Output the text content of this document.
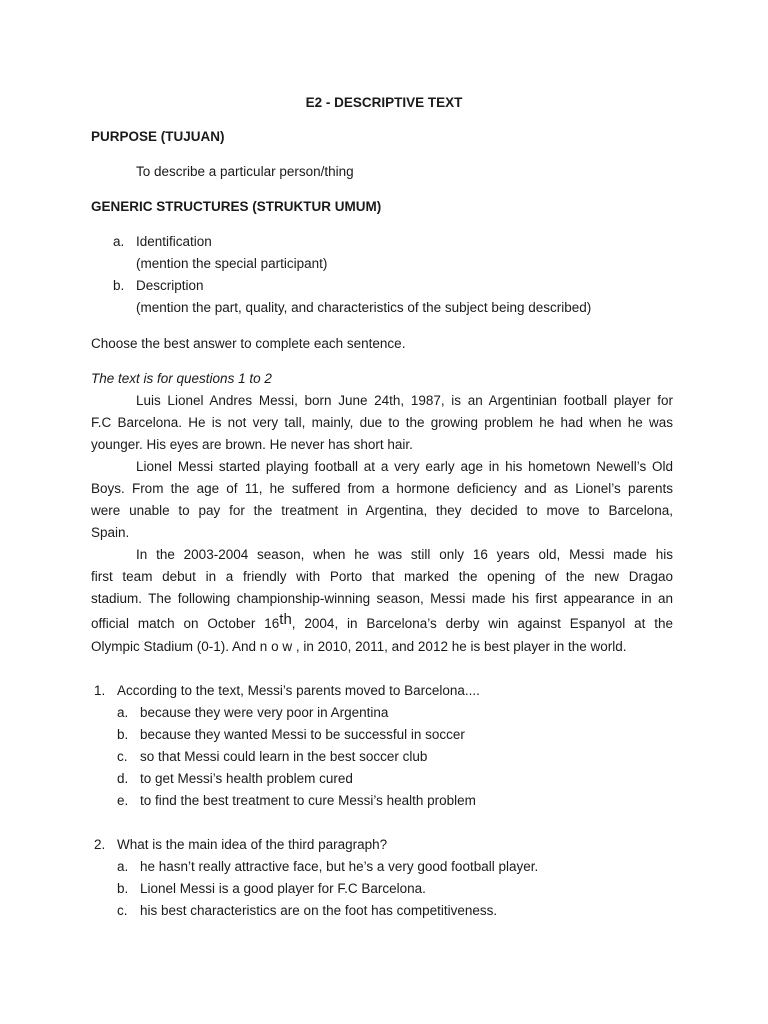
E2 - DESCRIPTIVE TEXT
PURPOSE (TUJUAN)
To describe a particular person/thing
GENERIC STRUCTURES (STRUKTUR UMUM)
a. Identification
(mention the special participant)
b. Description
(mention the part, quality, and characteristics of the subject being described)
Choose the best answer to complete each sentence.
The text is for questions 1 to 2
Luis Lionel Andres Messi, born June 24th, 1987, is an Argentinian football player for
F.C Barcelona. He is not very tall, mainly, due to the growing problem he had when he was
younger. His eyes are brown. He never has short hair.
Lionel Messi started playing football at a very early age in his hometown Newell’s Old
Boys. From the age of 11, he suffered from a hormone deficiency and as Lionel’s parents
were unable to pay for the treatment in Argentina, they decided to move to Barcelona,
Spain.
In the 2003-2004 season, when he was still only 16 years old, Messi made his
first team debut in a friendly with Porto that marked the opening of the new Dragao
stadium. The following championship-winning season, Messi made his first appearance in an
official match on October 16th, 2004, in Barcelona’s derby win against Espanyol at the
Olympic Stadium (0-1). And n o w , in 2010, 2011, and 2012 he is best player in the world.
1. According to the text, Messi’s parents moved to Barcelona....
a. because they were very poor in Argentina
b. because they wanted Messi to be successful in soccer
c. so that Messi could learn in the best soccer club
d. to get Messi’s health problem cured
e. to find the best treatment to cure Messi’s health problem
2. What is the main idea of the third paragraph?
a. he hasn’t really attractive face, but he’s a very good football player.
b. Lionel Messi is a good player for F.C Barcelona.
c. his best characteristics are on the foot has competitiveness.
